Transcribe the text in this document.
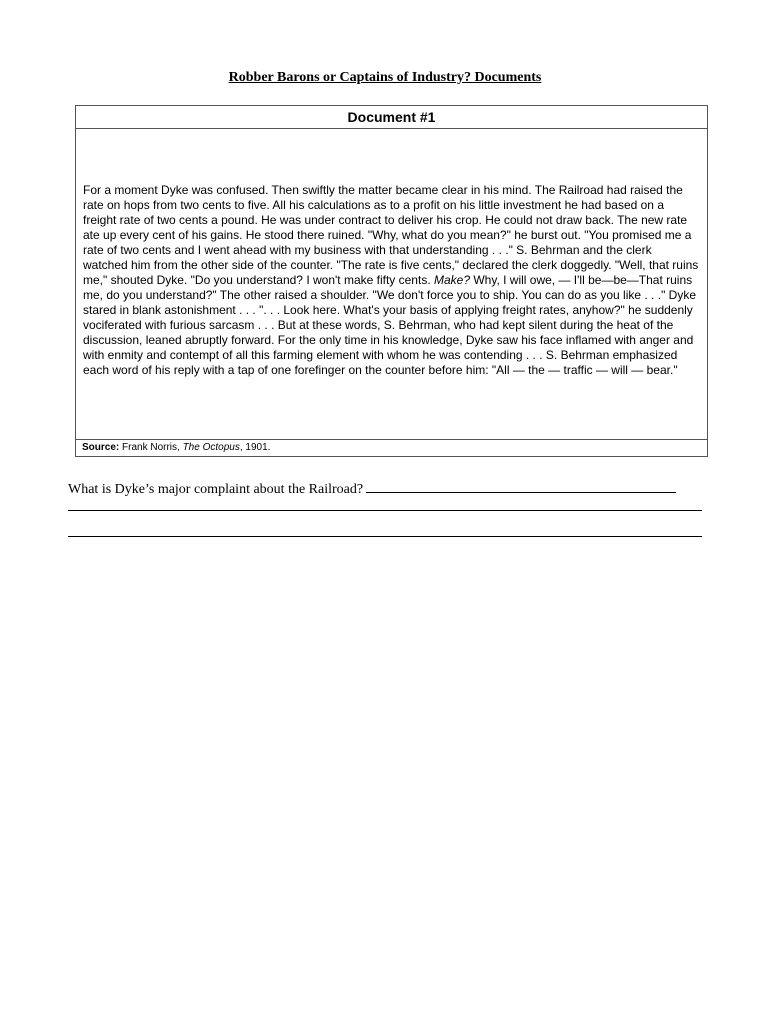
Robber Barons or Captains of Industry? Documents
Document #1

For a moment Dyke was confused. Then swiftly the matter became clear in his mind. The Railroad had raised the rate on hops from two cents to five. All his calculations as to a profit on his little investment he had based on a freight rate of two cents a pound. He was under contract to deliver his crop. He could not draw back. The new rate ate up every cent of his gains. He stood there ruined. "Why, what do you mean?" he burst out. "You promised me a rate of two cents and I went ahead with my business with that understanding . . ." S. Behrman and the clerk watched him from the other side of the counter. "The rate is five cents," declared the clerk doggedly. "Well, that ruins me," shouted Dyke. "Do you understand? I won't make fifty cents. Make? Why, I will owe, — I'll be—be—That ruins me, do you understand?" The other raised a shoulder. "We don't force you to ship. You can do as you like . . ." Dyke stared in blank astonishment . . . ". . . Look here. What's your basis of applying freight rates, anyhow?" he suddenly vociferated with furious sarcasm . . . But at these words, S. Behrman, who had kept silent during the heat of the discussion, leaned abruptly forward. For the only time in his knowledge, Dyke saw his face inflamed with anger and with enmity and contempt of all this farming element with whom he was contending . . . S. Behrman emphasized each word of his reply with a tap of one forefinger on the counter before him: "All — the — traffic — will — bear."

Source: Frank Norris, The Octopus, 1901.
What is Dyke’s major complaint about the Railroad?
